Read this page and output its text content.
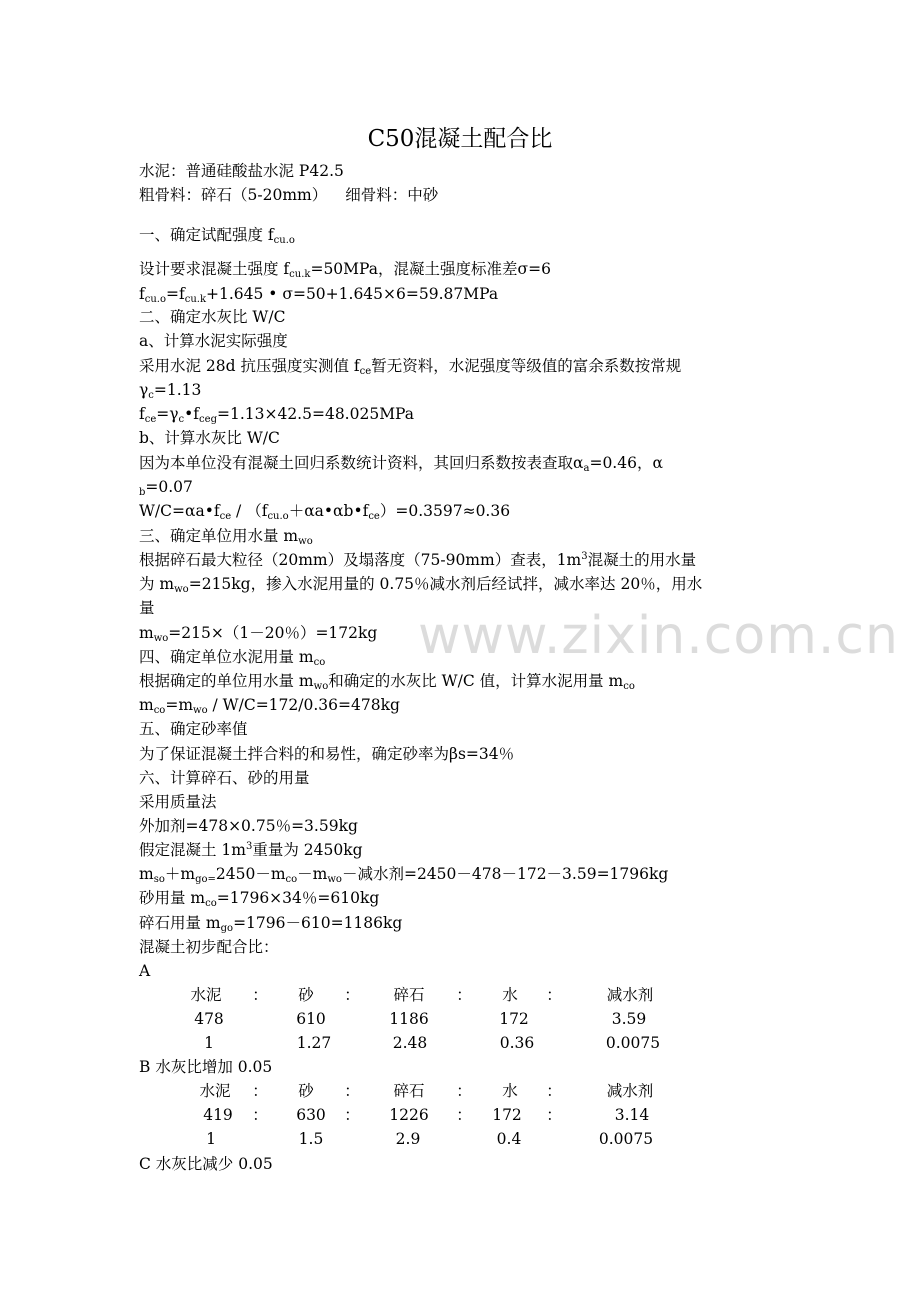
www.zixin.com.cn
C50混凝土配合比
水泥：普通硅酸盐水泥 P42.5
粗骨料：碎石（5-20mm） 细骨料：中砂
一、确定试配强度 $f_{cu.o}$
设计要求混凝土强度 $f_{cu.k}=50MPa$，混凝土强度标准差σ=6
$f_{cu.o}=f_{cu.k}+1.645$ • σ=50+1.645×6=59.87MPa
二、确定水灰比 W/C
a、计算水泥实际强度
采用水泥 28d 抗压强度实测值 $f_{ce}$暂无资料，水泥强度等级值的富余系数按常规
$\gamma_c=1.13$
$f_{ce}=\gamma_c•f_{ceg}=1.13\times 42.5=48.025MPa$
b、计算水灰比 W/C
因为本单位没有混凝土回归系数统计资料，其回归系数按表查取$\alpha_a=0.46$，α
$_b$=0.07
$W/C=\alpha a•f_{ce}$ / $(f_{cu.o}+\alpha a•\alpha b•f_{ce})=0.3597\approx 0.36$
三、确定单位用水量 $m_{wo}$
根据碎石最大粒径（20mm）及塌落度（75-90mm）查表，$1m^3$混凝土的用水量
为 $m_{wo}=215kg$，掺入水泥用量的 0.75％减水剂后经试拌，减水率达 20％，用水
量
$m_{wo}=215\times(1-20$％）=172kg
四、确定单位水泥用量 $m_{co}$
根据确定的单位用水量 $m_{wo}$和确定的水灰比 W/C 值，计算水泥用量 $m_{co}$
$m_{co}=m_{wo} / W/C=172/0.36=478kg$
五、确定砂率值
为了保证混凝土拌合料的和易性，确定砂率为βs=34％
六、计算碎石、砂的用量
采用质量法
外加剂=478×0.75％=3.59kg
假定混凝土 $1m^3$重量为 2450kg
$m_{so}+m_{go=}2450-m_{co}-m_{wo}-$减水剂=2450－478－172－3.59=1796kg
砂用量 $m_{co}=1796\times 34$％=610kg
碎石用量 $m_{go}=1796-610=1186kg$
混凝土初步配合比：
A
水泥 ： 砂 ： 碎石 ： 水 ：	减水剂
478	610	1186	172	3.59
1	1.27	2.48	0.36	0.0075
B 水灰比增加 0.05
水泥 ： 砂 ： 碎石 ： 水 ：	减水剂
419 ： 630 ： 1226 ： 172 ：	3.14
1	1.5	2.9	0.4	0.0075
C 水灰比减少 0.05
